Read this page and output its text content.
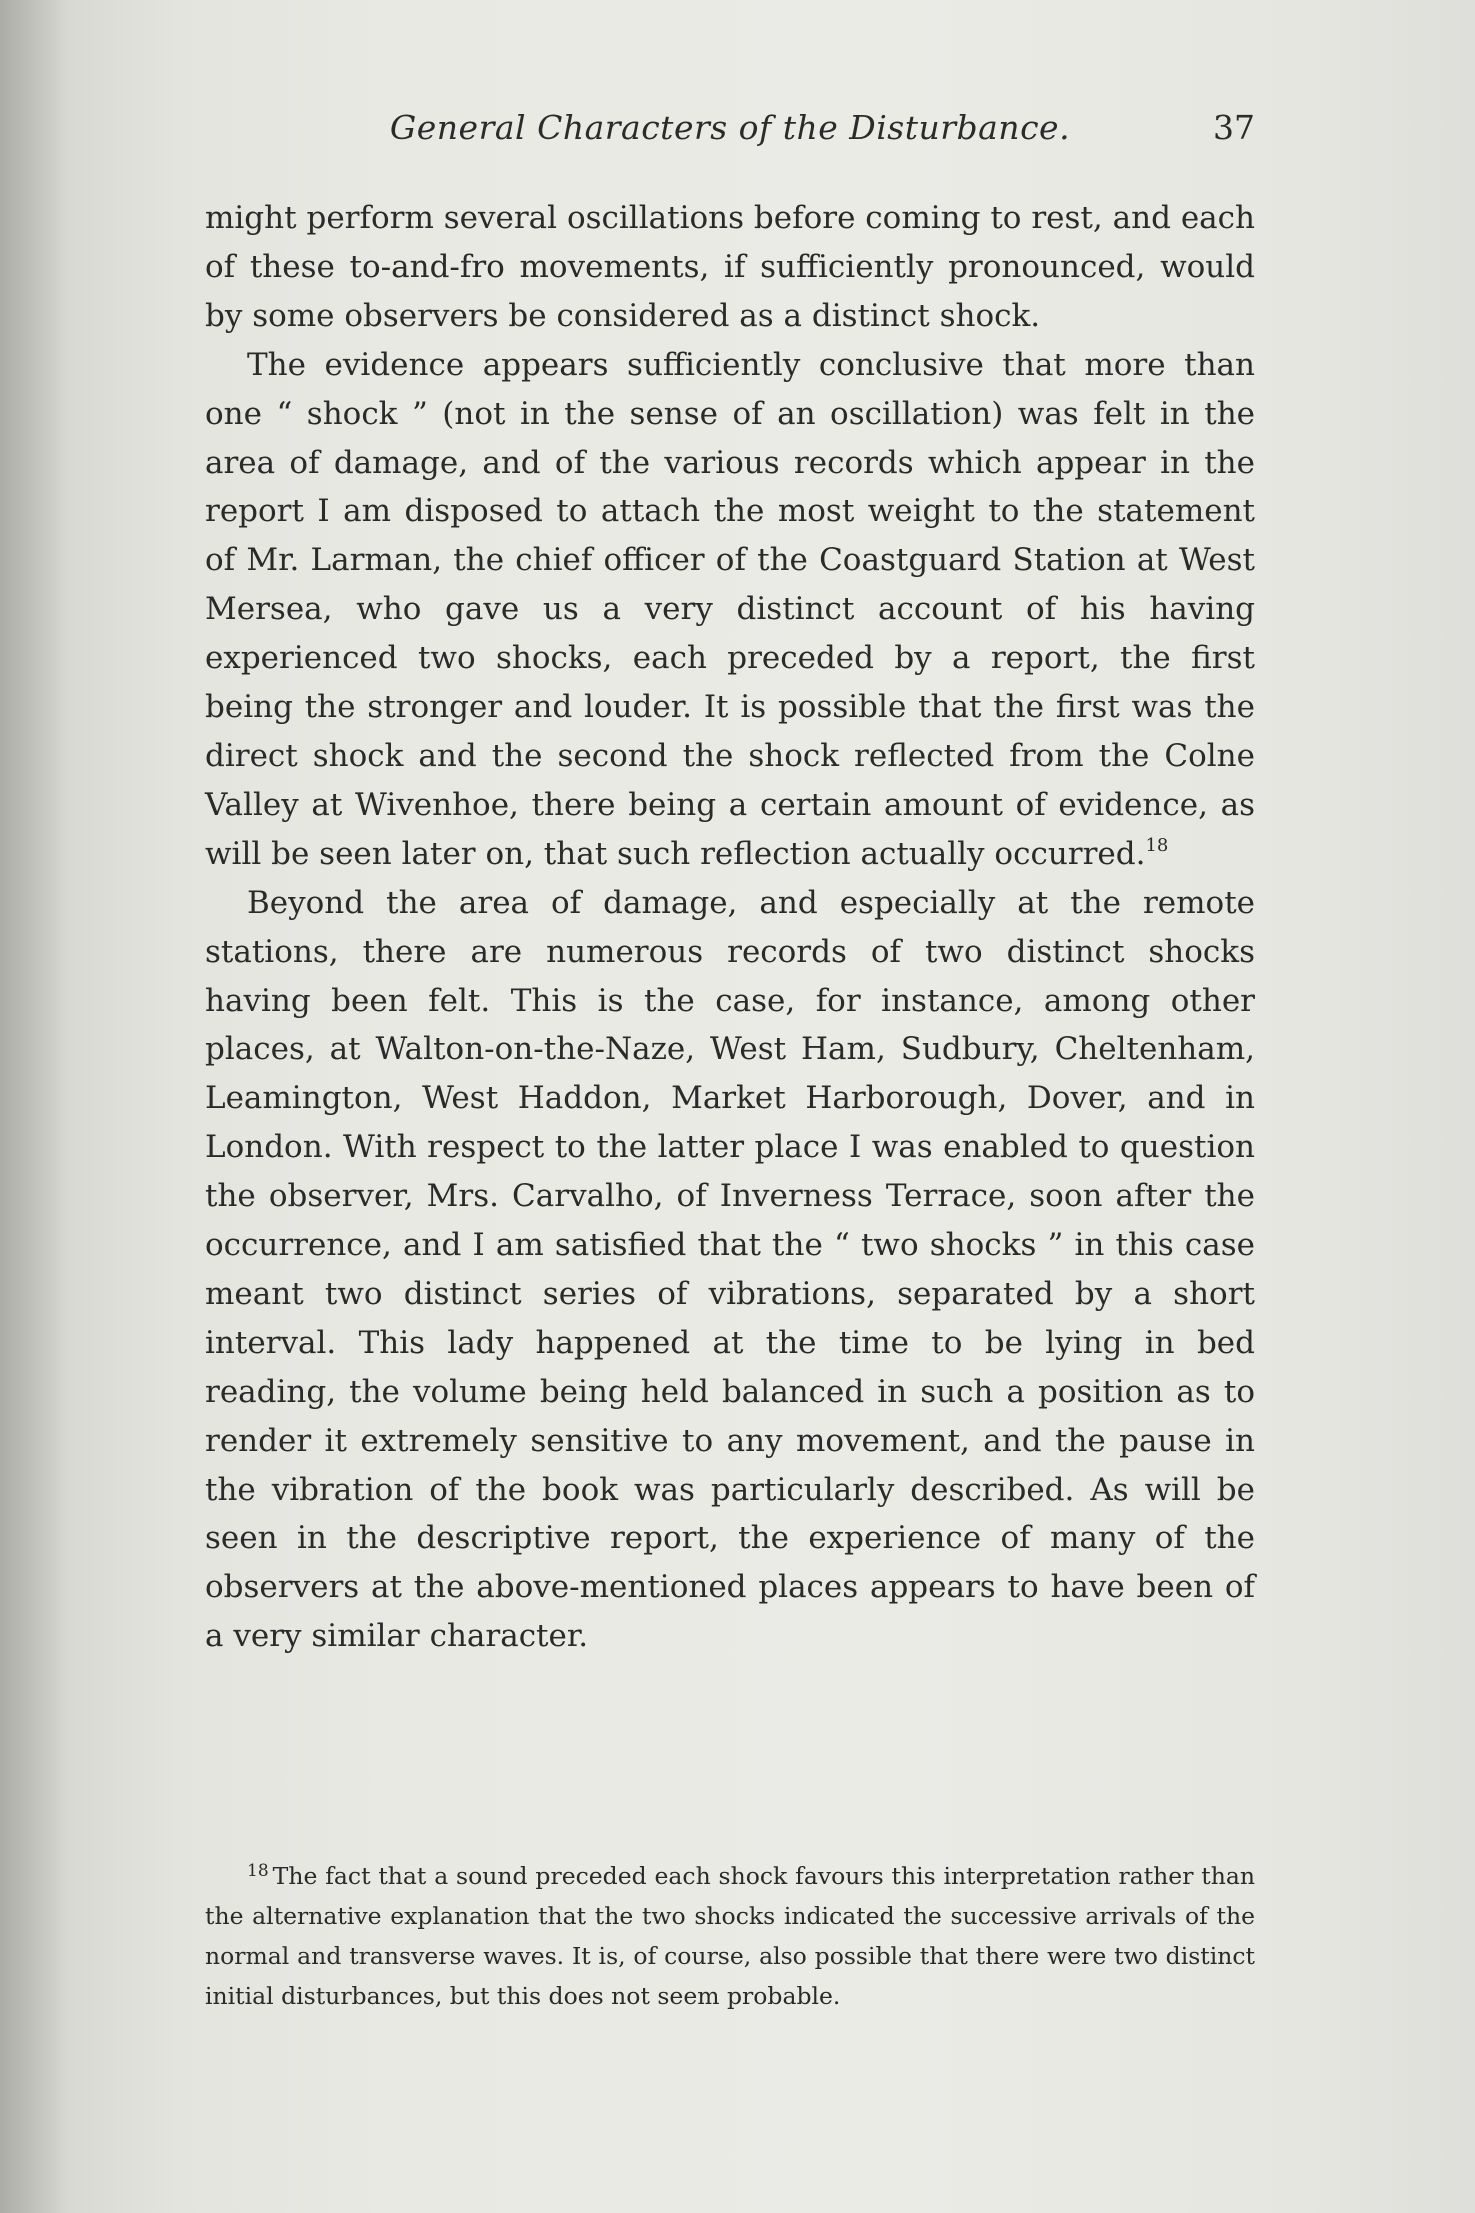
General Characters of the Disturbance.	37

might perform several oscillations before coming to rest, and each of these to-and-fro movements, if sufficiently pronounced, would by some observers be considered as a distinct shock.

The evidence appears sufficiently conclusive that more than one “ shock ” (not in the sense of an oscillation) was felt in the area of damage, and of the various records which appear in the report I am disposed to attach the most weight to the statement of Mr. Larman, the chief officer of the Coastguard Station at West Mersea, who gave us a very distinct account of his having experienced two shocks, each preceded by a report, the first being the stronger and louder. It is possible that the first was the direct shock and the second the shock reflected from the Colne Valley at Wivenhoe, there being a certain amount of evidence, as will be seen later on, that such reflection actually occurred.$^{18}$

Beyond the area of damage, and especially at the remote stations, there are numerous records of two distinct shocks having been felt. This is the case, for instance, among other places, at Walton-on-the-Naze, West Ham, Sudbury, Cheltenham, Leamington, West Haddon, Market Harborough, Dover, and in London. With respect to the latter place I was enabled to question the observer, Mrs. Carvalho, of Inverness Terrace, soon after the occurrence, and I am satisfied that the “ two shocks ” in this case meant two distinct series of vibrations, separated by a short interval. This lady happened at the time to be lying in bed reading, the volume being held balanced in such a position as to render it extremely sensitive to any movement, and the pause in the vibration of the book was particularly described. As will be seen in the descriptive report, the experience of many of the observers at the above-mentioned places appears to have been of a very similar character.

$^{18}$ The fact that a sound preceded each shock favours this interpretation rather than the alternative explanation that the two shocks indicated the successive arrivals of the normal and transverse waves. It is, of course, also possible that there were two distinct initial disturbances, but this does not seem probable.
